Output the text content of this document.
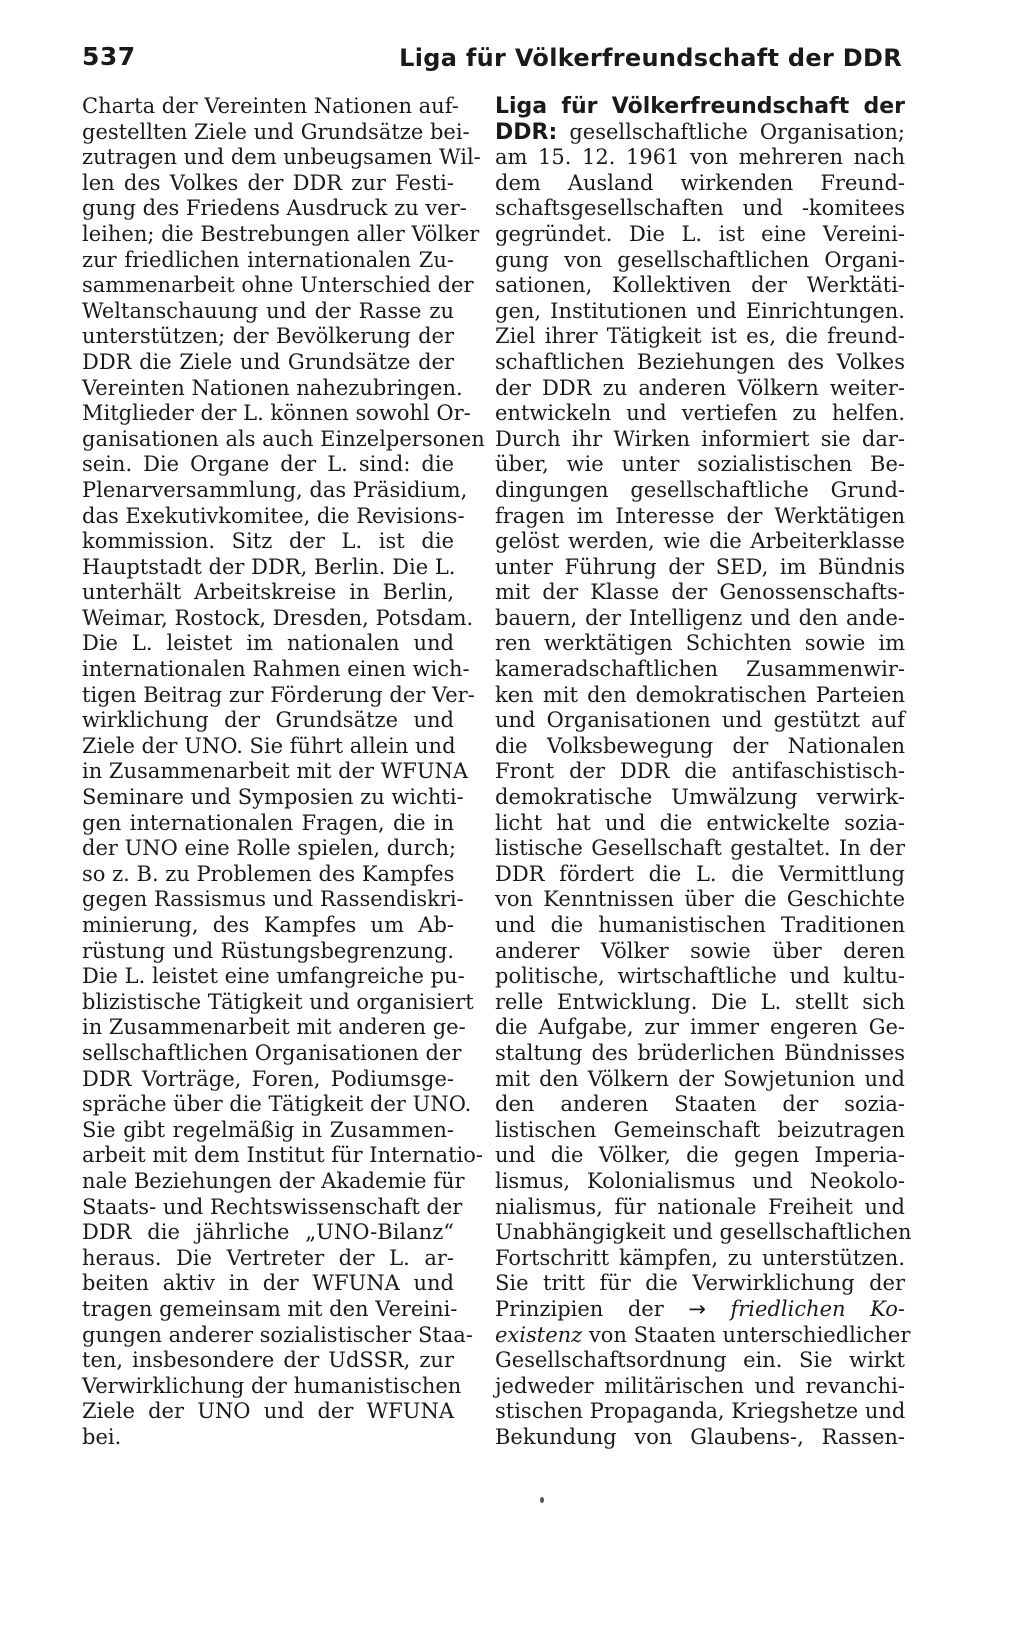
537	Liga für Völkerfreundschaft der DDR
Charta der Vereinten Nationen auf-
gestellten Ziele und Grundsätze bei-
zutragen und dem unbeugsamen Wil-
len des Volkes der DDR zur Festi-
gung des Friedens Ausdruck zu ver-
leihen; die Bestrebungen aller Völker
zur friedlichen internationalen Zu-
sammenarbeit ohne Unterschied der
Weltanschauung und der Rasse zu
unterstützen; der Bevölkerung der
DDR die Ziele und Grundsätze der
Vereinten Nationen nahezubringen.
Mitglieder der L. können sowohl Or-
ganisationen als auch Einzelpersonen
sein. Die Organe der L. sind: die
Plenarversammlung, das Präsidium,
das Exekutivkomitee, die Revisions-
kommission. Sitz der L. ist die
Hauptstadt der DDR, Berlin. Die L.
unterhält Arbeitskreise in Berlin,
Weimar, Rostock, Dresden, Potsdam.
Die L. leistet im nationalen und
internationalen Rahmen einen wich-
tigen Beitrag zur Förderung der Ver-
wirklichung der Grundsätze und
Ziele der UNO. Sie führt allein und
in Zusammenarbeit mit der WFUNA
Seminare und Symposien zu wichti-
gen internationalen Fragen, die in
der UNO eine Rolle spielen, durch;
so z. B. zu Problemen des Kampfes
gegen Rassismus und Rassendiskri-
minierung, des Kampfes um Ab-
rüstung und Rüstungsbegrenzung.
Die L. leistet eine umfangreiche pu-
blizistische Tätigkeit und organisiert
in Zusammenarbeit mit anderen ge-
sellschaftlichen Organisationen der
DDR Vorträge, Foren, Podiumsge-
spräche über die Tätigkeit der UNO.
Sie gibt regelmäßig in Zusammen-
arbeit mit dem Institut für Internatio-
nale Beziehungen der Akademie für
Staats- und Rechtswissenschaft der
DDR die jährliche „UNO-Bilanz“
heraus. Die Vertreter der L. ar-
beiten aktiv in der WFUNA und
tragen gemeinsam mit den Vereini-
gungen anderer sozialistischer Staa-
ten, insbesondere der UdSSR, zur
Verwirklichung der humanistischen
Ziele der UNO und der WFUNA
bei.
Liga für Völkerfreundschaft der
DDR: gesellschaftliche Organisation;
am 15. 12. 1961 von mehreren nach
dem Ausland wirkenden Freund-
schaftsgesellschaften und -komitees
gegründet. Die L. ist eine Vereini-
gung von gesellschaftlichen Organi-
sationen, Kollektiven der Werktäti-
gen, Institutionen und Einrichtungen.
Ziel ihrer Tätigkeit ist es, die freund-
schaftlichen Beziehungen des Volkes
der DDR zu anderen Völkern weiter-
entwickeln und vertiefen zu helfen.
Durch ihr Wirken informiert sie dar-
über, wie unter sozialistischen Be-
dingungen gesellschaftliche Grund-
fragen im Interesse der Werktätigen
gelöst werden, wie die Arbeiterklasse
unter Führung der SED, im Bündnis
mit der Klasse der Genossenschafts-
bauern, der Intelligenz und den ande-
ren werktätigen Schichten sowie im
kameradschaftlichen Zusammenwir-
ken mit den demokratischen Parteien
und Organisationen und gestützt auf
die Volksbewegung der Nationalen
Front der DDR die antifaschistisch-
demokratische Umwälzung verwirk-
licht hat und die entwickelte sozia-
listische Gesellschaft gestaltet. In der
DDR fördert die L. die Vermittlung
von Kenntnissen über die Geschichte
und die humanistischen Traditionen
anderer Völker sowie über deren
politische, wirtschaftliche und kultu-
relle Entwicklung. Die L. stellt sich
die Aufgabe, zur immer engeren Ge-
staltung des brüderlichen Bündnisses
mit den Völkern der Sowjetunion und
den anderen Staaten der sozia-
listischen Gemeinschaft beizutragen
und die Völker, die gegen Imperia-
lismus, Kolonialismus und Neokolo-
nialismus, für nationale Freiheit und
Unabhängigkeit und gesellschaftlichen
Fortschritt kämpfen, zu unterstützen.
Sie tritt für die Verwirklichung der
Prinzipien der → friedlichen Ko-
existenz von Staaten unterschiedlicher
Gesellschaftsordnung ein. Sie wirkt
jedweder militärischen und revanchi-
stischen Propaganda, Kriegshetze und
Bekundung von Glaubens-, Rassen-
